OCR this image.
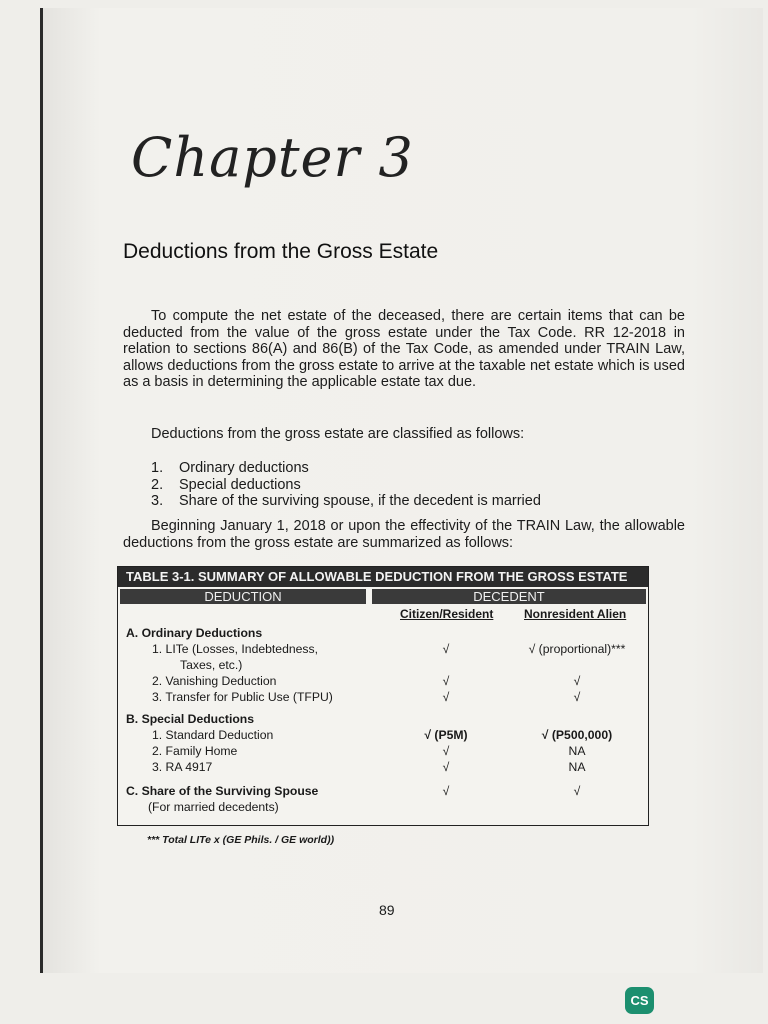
Chapter 3
Deductions from the Gross Estate
To compute the net estate of the deceased, there are certain items that can be deducted from the value of the gross estate under the Tax Code. RR 12-2018 in relation to sections 86(A) and 86(B) of the Tax Code, as amended under TRAIN Law, allows deductions from the gross estate to arrive at the taxable net estate which is used as a basis in determining the applicable estate tax due.
Deductions from the gross estate are classified as follows:
1.	Ordinary deductions
2.	Special deductions
3.	Share of the surviving spouse, if the decedent is married
Beginning January 1, 2018 or upon the effectivity of the TRAIN Law, the allowable deductions from the gross estate are summarized as follows:
TABLE 3-1. SUMMARY OF ALLOWABLE DEDUCTION FROM THE GROSS ESTATE
DEDUCTION	DECEDENT
Citizen/Resident	Nonresident Alien
A. Ordinary Deductions
1. LITe (Losses, Indebtedness,	√	√ (proportional)***
Taxes, etc.)
2. Vanishing Deduction	√	√
3. Transfer for Public Use (TFPU)	√	√
B. Special Deductions
1. Standard Deduction	√ (P5M)	√ (P500,000)
2. Family Home	√	NA
3. RA 4917	√	NA
C. Share of the Surviving Spouse	√	√
(For married decedents)
*** Total LITe x (GE Phils. / GE world))
89
CS
